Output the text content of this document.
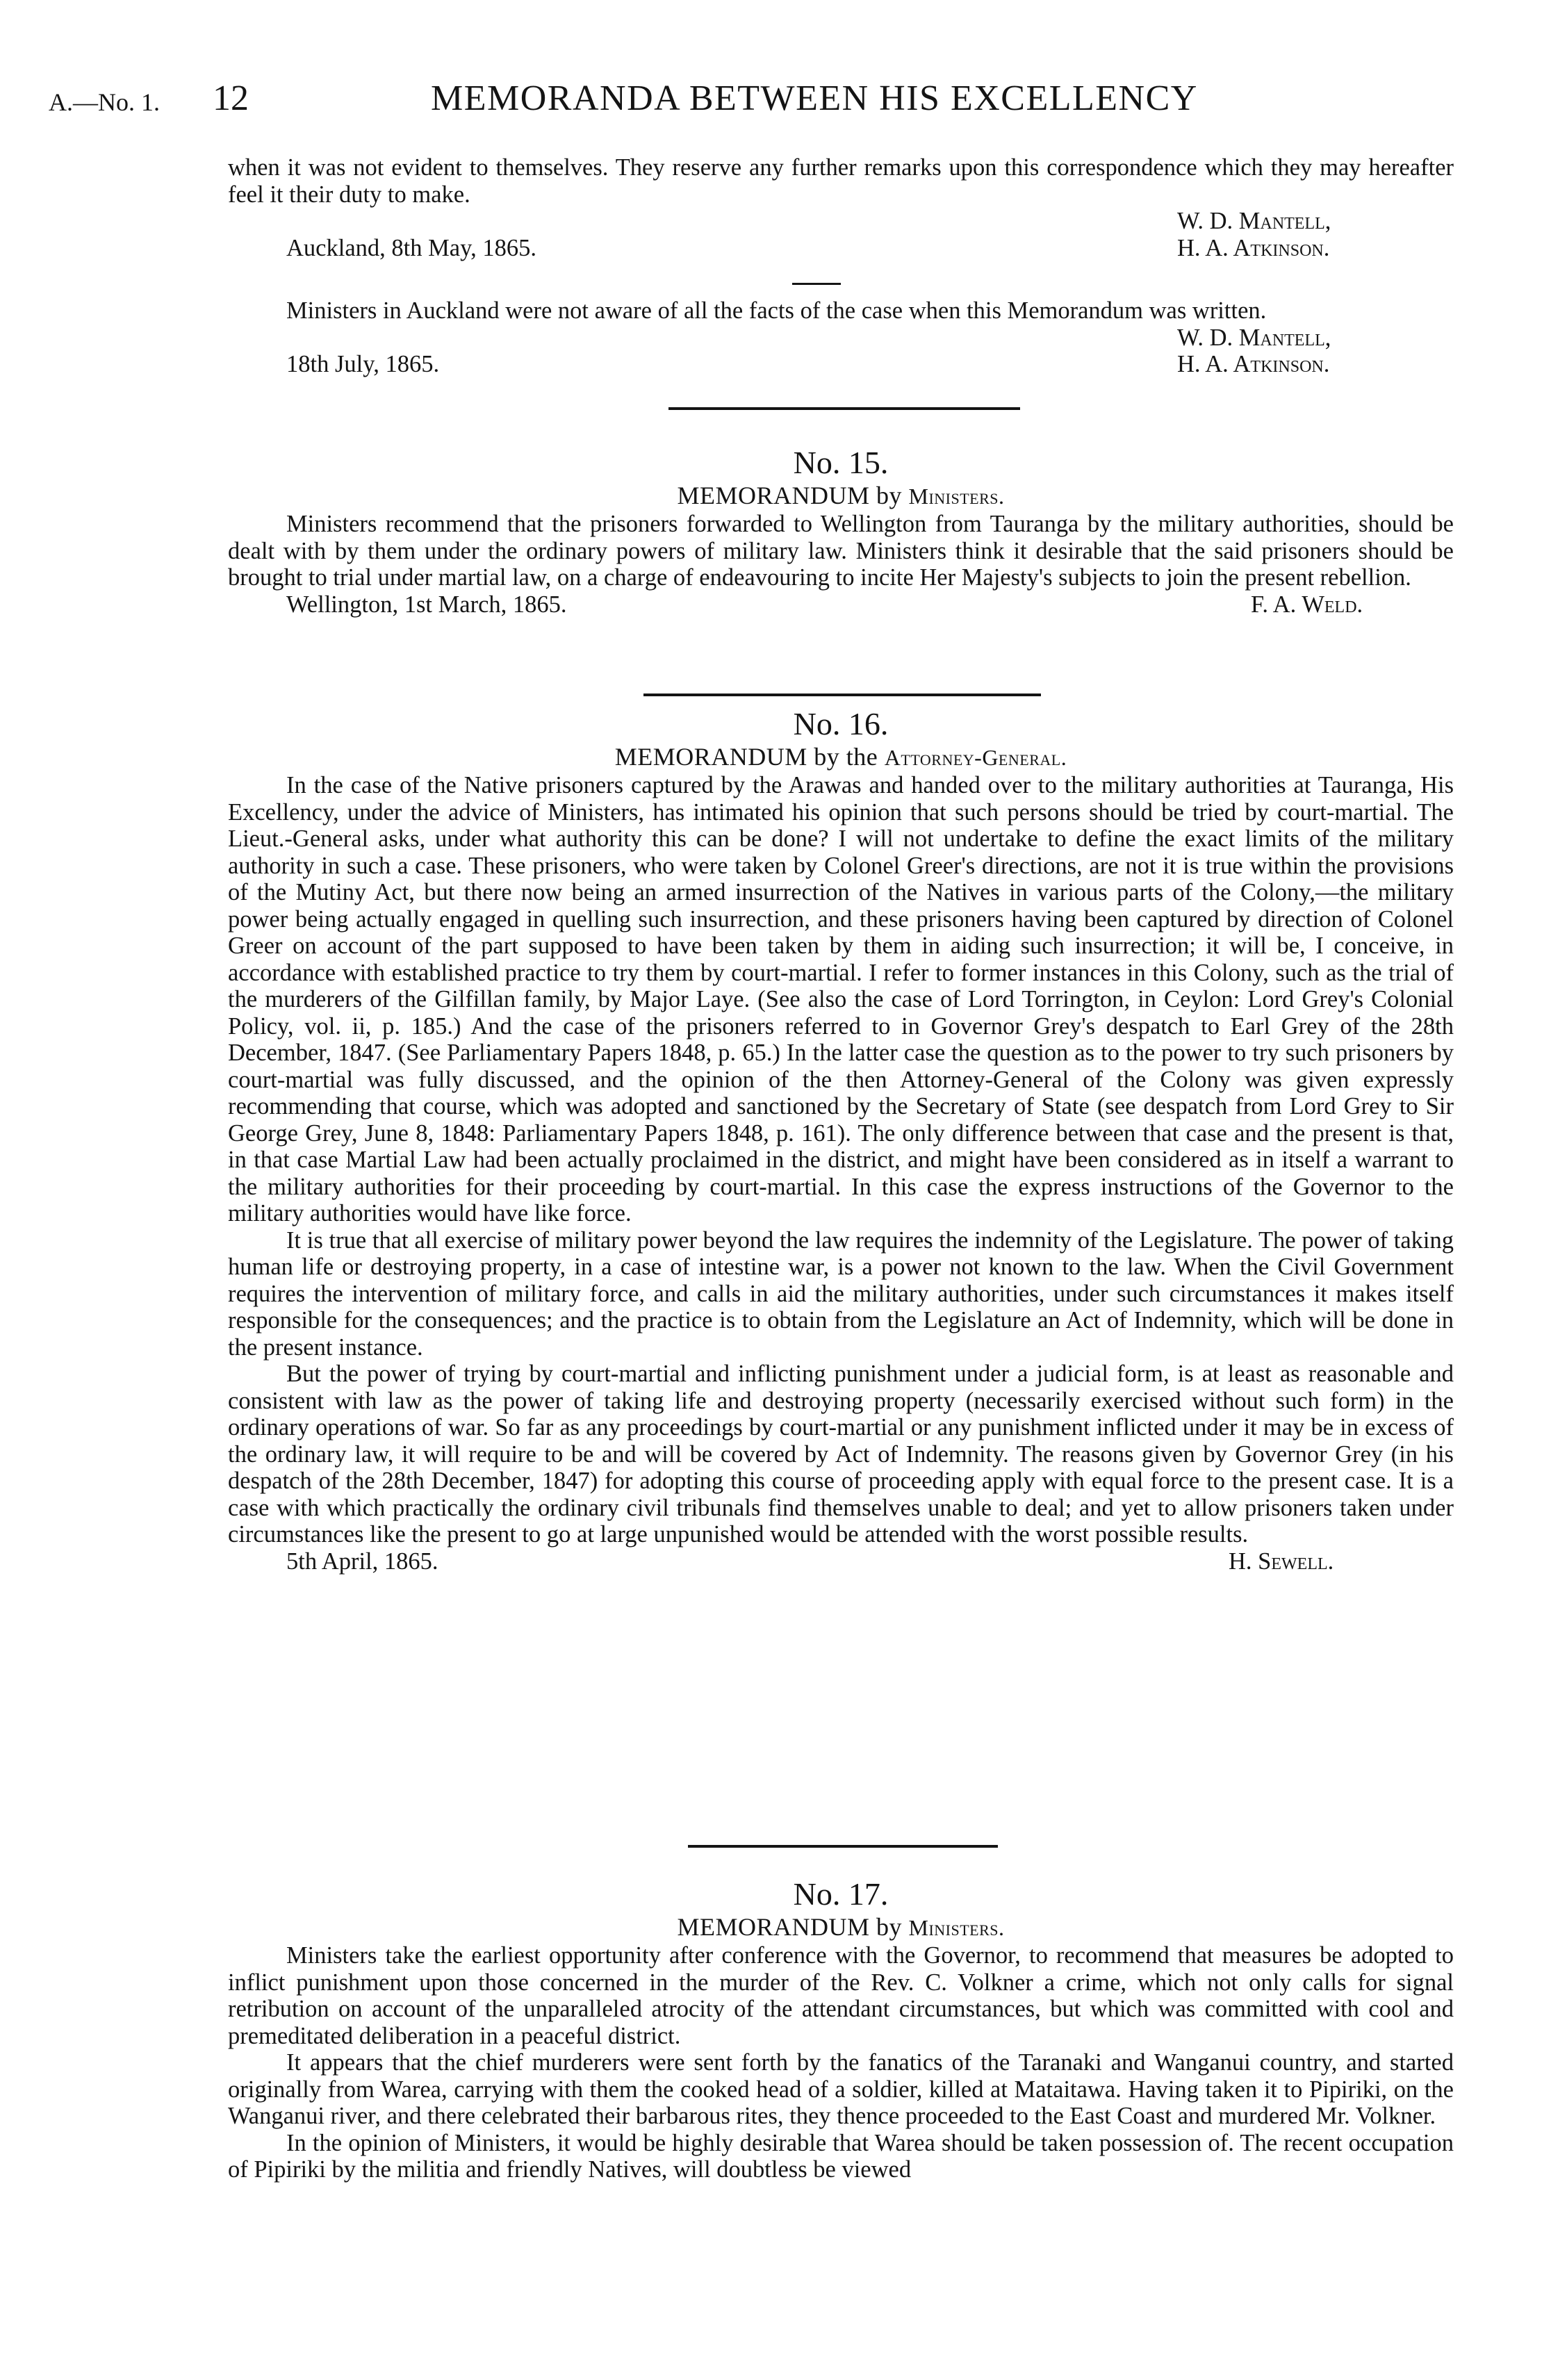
A.—No. 1. 12	MEMORANDA BETWEEN HIS EXCELLENCY

when it was not evident to themselves. They reserve any further remarks upon this correspondence which they may hereafter feel it their duty to make.

W. D. Mantell,
Auckland, 8th May, 1865.	H. A. Atkinson.

Ministers in Auckland were not aware of all the facts of the case when this Memorandum was written.

W. D. Mantell,
18th July, 1865.	H. A. Atkinson.
No. 15.
MEMORANDUM by Ministers.

Ministers recommend that the prisoners forwarded to Wellington from Tauranga by the military authorities, should be dealt with by them under the ordinary powers of military law. Ministers think it desirable that the said prisoners should be brought to trial under martial law, on a charge of endeavouring to incite Her Majesty's subjects to join the present rebellion.

Wellington, 1st March, 1865.	F. A. Weld.
No. 16.
MEMORANDUM by the Attorney-General.

In the case of the Native prisoners captured by the Arawas and handed over to the military authorities at Tauranga, His Excellency, under the advice of Ministers, has intimated his opinion that such persons should be tried by court-martial. The Lieut.-General asks, under what authority this can be done? I will not undertake to define the exact limits of the military authority in such a case. These prisoners, who were taken by Colonel Greer's directions, are not it is true within the provisions of the Mutiny Act, but there now being an armed insurrection of the Natives in various parts of the Colony,—the military power being actually engaged in quelling such insurrection, and these prisoners having been captured by direction of Colonel Greer on account of the part supposed to have been taken by them in aiding such insurrection; it will be, I conceive, in accordance with established practice to try them by court-martial. I refer to former instances in this Colony, such as the trial of the murderers of the Gilfillan family, by Major Laye. (See also the case of Lord Torrington, in Ceylon: Lord Grey's Colonial Policy, vol. ii, p. 185.) And the case of the prisoners referred to in Governor Grey's despatch to Earl Grey of the 28th December, 1847. (See Parliamentary Papers 1848, p. 65.) In the latter case the question as to the power to try such prisoners by court-martial was fully discussed, and the opinion of the then Attorney-General of the Colony was given expressly recommending that course, which was adopted and sanctioned by the Secretary of State (see despatch from Lord Grey to Sir George Grey, June 8, 1848: Parliamentary Papers 1848, p. 161). The only difference between that case and the present is that, in that case Martial Law had been actually proclaimed in the district, and might have been considered as in itself a warrant to the military authorities for their proceeding by court-martial. In this case the express instructions of the Governor to the military authorities would have like force.

It is true that all exercise of military power beyond the law requires the indemnity of the Legislature. The power of taking human life or destroying property, in a case of intestine war, is a power not known to the law. When the Civil Government requires the intervention of military force, and calls in aid the military authorities, under such circumstances it makes itself responsible for the consequences; and the practice is to obtain from the Legislature an Act of Indemnity, which will be done in the present instance.

But the power of trying by court-martial and inflicting punishment under a judicial form, is at least as reasonable and consistent with law as the power of taking life and destroying property (necessarily exercised without such form) in the ordinary operations of war. So far as any proceedings by court-martial or any punishment inflicted under it may be in excess of the ordinary law, it will require to be and will be covered by Act of Indemnity. The reasons given by Governor Grey (in his despatch of the 28th December, 1847) for adopting this course of proceeding apply with equal force to the present case. It is a case with which practically the ordinary civil tribunals find themselves unable to deal; and yet to allow prisoners taken under circumstances like the present to go at large unpunished would be attended with the worst possible results.

5th April, 1865.	H. Sewell.
No. 17.
MEMORANDUM by Ministers.

Ministers take the earliest opportunity after conference with the Governor, to recommend that measures be adopted to inflict punishment upon those concerned in the murder of the Rev. C. Volkner a crime, which not only calls for signal retribution on account of the unparalleled atrocity of the attendant circumstances, but which was committed with cool and premeditated deliberation in a peaceful district.

It appears that the chief murderers were sent forth by the fanatics of the Taranaki and Wanganui country, and started originally from Warea, carrying with them the cooked head of a soldier, killed at Mataitawa. Having taken it to Pipiriki, on the Wanganui river, and there celebrated their barbarous rites, they thence proceeded to the East Coast and murdered Mr. Volkner.

In the opinion of Ministers, it would be highly desirable that Warea should be taken possession of. The recent occupation of Pipiriki by the militia and friendly Natives, will doubtless be viewed
